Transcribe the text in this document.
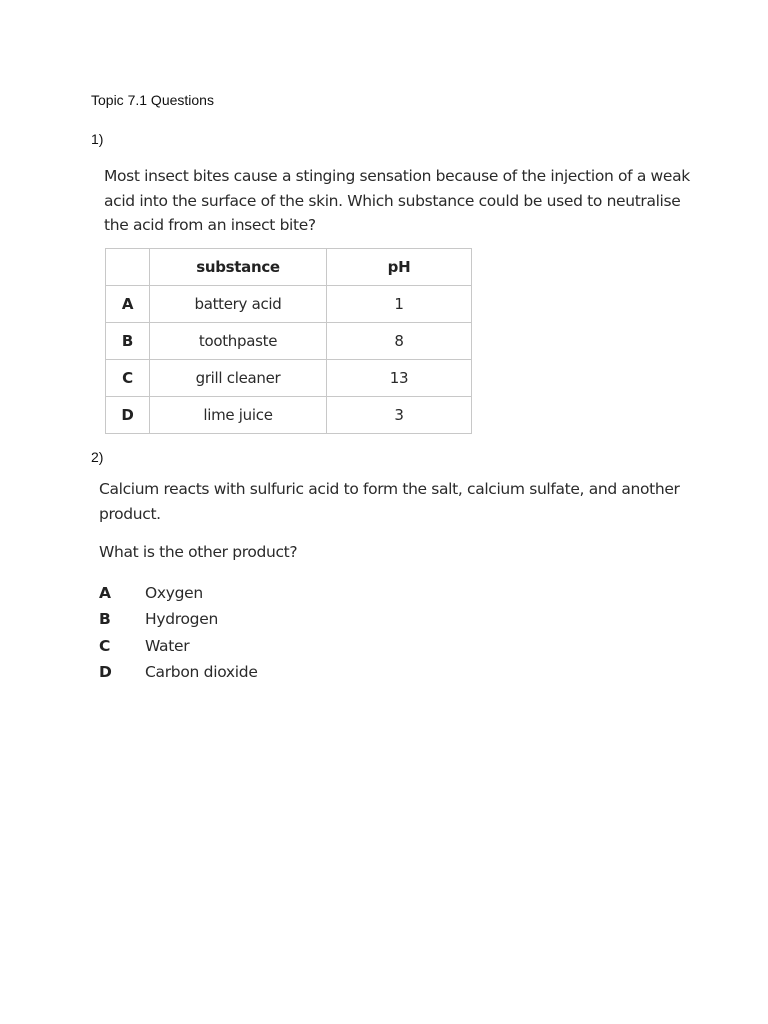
Topic 7.1 Questions
1)
Most insect bites cause a stinging sensation because of the injection of a weak acid into the surface of the skin. Which substance could be used to neutralise the acid from an insect bite?
	substance	pH
A	battery acid	1
B	toothpaste	8
C	grill cleaner	13
D	lime juice	3
2)
Calcium reacts with sulfuric acid to form the salt, calcium sulfate, and another product.
What is the other product?
A	Oxygen
B	Hydrogen
C	Water
D	Carbon dioxide
